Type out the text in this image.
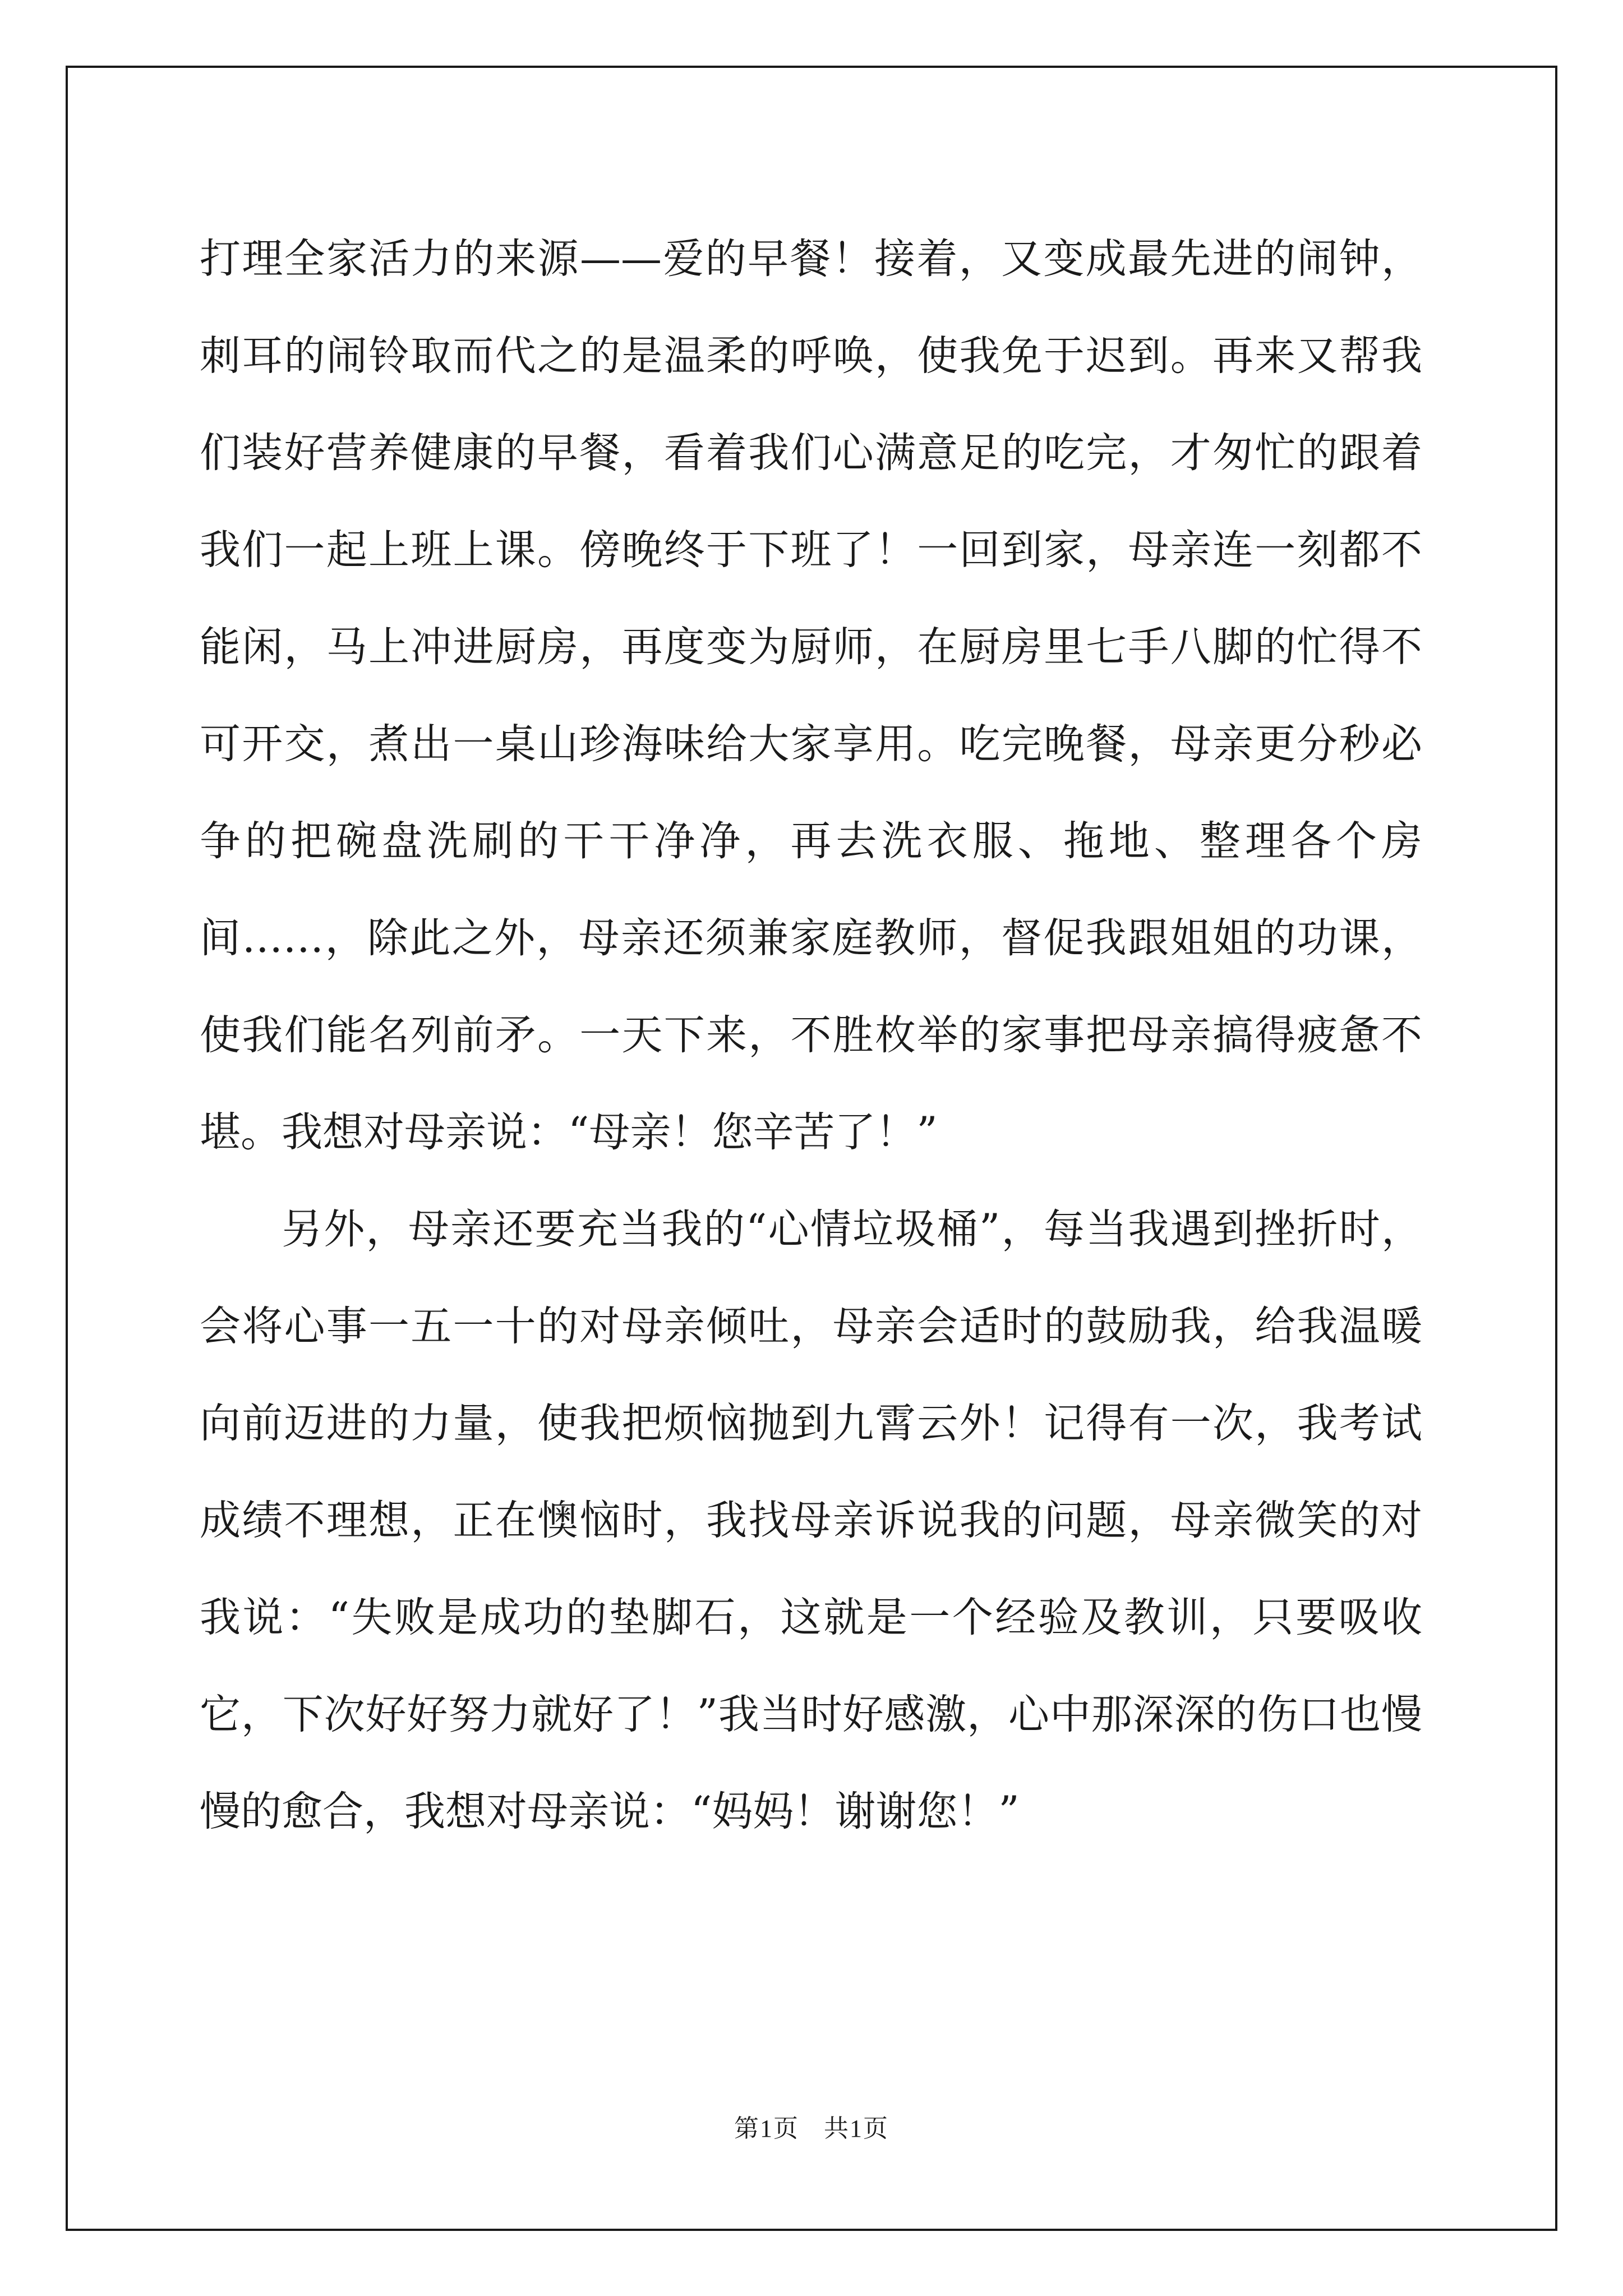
打理全家活力的来源——爱的早餐！接着，又变成最先进的闹钟，刺耳的闹铃取而代之的是温柔的呼唤，使我免于迟到。再来又帮我们装好营养健康的早餐，看着我们心满意足的吃完，才匆忙的跟着我们一起上班上课。傍晚终于下班了！一回到家，母亲连一刻都不能闲，马上冲进厨房，再度变为厨师，在厨房里七手八脚的忙得不可开交，煮出一桌山珍海味给大家享用。吃完晚餐，母亲更分秒必争的把碗盘洗刷的干干净净，再去洗衣服、拖地、整理各个房间……，除此之外，母亲还须兼家庭教师，督促我跟姐姐的功课，使我们能名列前矛。一天下来，不胜枚举的家事把母亲搞得疲惫不堪。我想对母亲说：“母亲！您辛苦了！”

另外，母亲还要充当我的“心情垃圾桶”，每当我遇到挫折时，会将心事一五一十的对母亲倾吐，母亲会适时的鼓励我，给我温暖向前迈进的力量，使我把烦恼抛到九霄云外！记得有一次，我考试成绩不理想，正在懊恼时，我找母亲诉说我的问题，母亲微笑的对我说：“失败是成功的垫脚石，这就是一个经验及教训，只要吸收它，下次好好努力就好了！”我当时好感激，心中那深深的伤口也慢慢的愈合，我想对母亲说：“妈妈！谢谢您！”

第1页 共1页
